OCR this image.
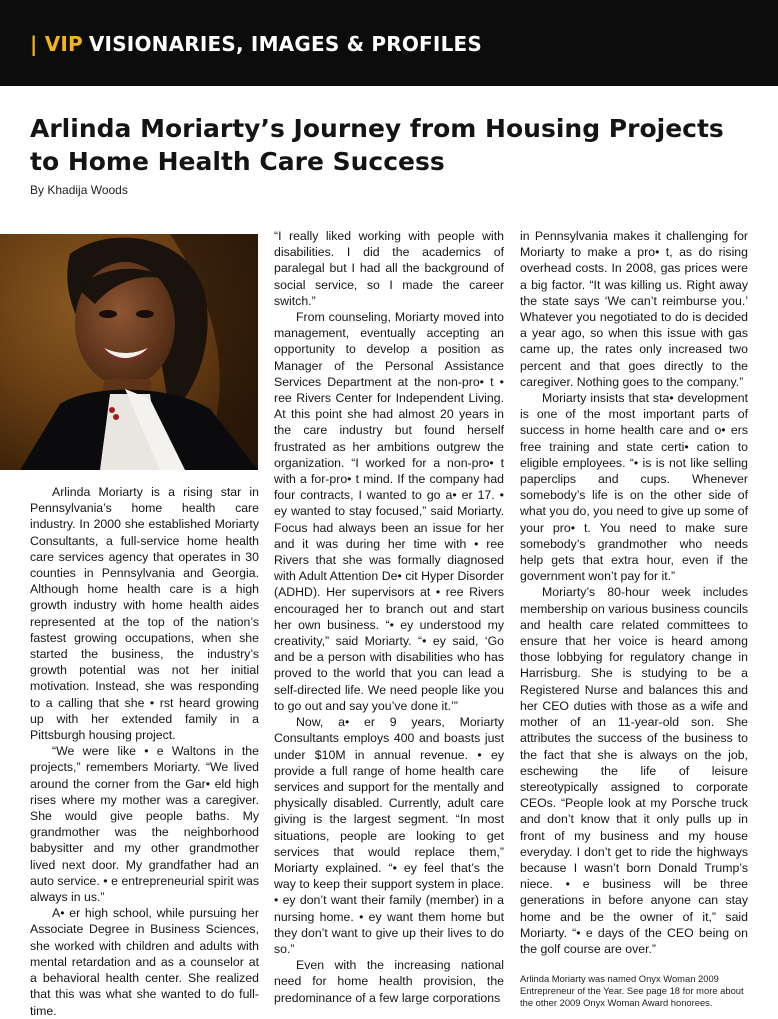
| VIP VISIONARIES, IMAGES & PROFILES
Arlinda Moriarty’s Journey from Housing Projects to Home Health Care Success
By Khadija Woods

Arlinda Moriarty is a rising star in Pennsylvania’s home health care industry. In 2000 she established Moriarty Consultants, a full-service home health care services agency that operates in 30 counties in Pennsylvania and Georgia. Although home health care is a high growth industry with home health aides represented at the top of the nation’s fastest growing occupations, when she started the business, the industry’s growth potential was not her initial motivation. Instead, she was responding to a calling that she • rst heard growing up with her extended family in a Pittsburgh housing project.

“We were like • e Waltons in the projects,” remembers Moriarty. “We lived around the corner from the Gar• eld high rises where my mother was a caregiver. She would give people baths. My grandmother was the neighborhood babysitter and my other grandmother lived next door. My grandfather had an auto service. • e entrepreneurial spirit was always in us.”

A• er high school, while pursuing her Associate Degree in Business Sciences, she worked with children and adults with mental retardation and as a counselor at a behavioral health center. She realized that this was what she wanted to do full-time.

“I really liked working with people with disabilities. I did the academics of paralegal but I had all the background of social service, so I made the career switch.”

From counseling, Moriarty moved into management, eventually accepting an opportunity to develop a position as Manager of the Personal Assistance Services Department at the non-pro• t • ree Rivers Center for Independent Living. At this point she had almost 20 years in the care industry but found herself frustrated as her ambitions outgrew the organization. “I worked for a non-pro• t with a for-pro• t mind. If the company had four contracts, I wanted to go a• er 17. • ey wanted to stay focused,” said Moriarty. Focus had always been an issue for her and it was during her time with • ree Rivers that she was formally diagnosed with Adult Attention De• cit Hyper Disorder (ADHD). Her supervisors at • ree Rivers encouraged her to branch out and start her own business. “• ey understood my creativity,” said Moriarty. “• ey said, ‘Go and be a person with disabilities who has proved to the world that you can lead a self-directed life. We need people like you to go out and say you’ve done it.’”

Now, a• er 9 years, Moriarty Consultants employs 400 and boasts just under $10M in annual revenue. • ey provide a full range of home health care services and support for the mentally and physically disabled. Currently, adult care giving is the largest segment. “In most situations, people are looking to get services that would replace them,” Moriarty explained. “• ey feel that’s the way to keep their support system in place. • ey don’t want their family (member) in a nursing home. • ey want them home but they don’t want to give up their lives to do so.”

Even with the increasing national need for home health provision, the predominance of a few large corporations

in Pennsylvania makes it challenging for Moriarty to make a pro• t, as do rising overhead costs. In 2008, gas prices were a big factor. “It was killing us. Right away the state says ‘We can’t reimburse you.’ Whatever you negotiated to do is decided a year ago, so when this issue with gas came up, the rates only increased two percent and that goes directly to the caregiver. Nothing goes to the company.”

Moriarty insists that sta• development is one of the most important parts of success in home health care and o• ers free training and state certi• cation to eligible employees. “• is is not like selling paperclips and cups. Whenever somebody’s life is on the other side of what you do, you need to give up some of your pro• t. You need to make sure somebody’s grandmother who needs help gets that extra hour, even if the government won’t pay for it.”

Moriarty’s 80-hour week includes membership on various business councils and health care related committees to ensure that her voice is heard among those lobbying for regulatory change in Harrisburg. She is studying to be a Registered Nurse and balances this and her CEO duties with those as a wife and mother of an 11-year-old son. She attributes the success of the business to the fact that she is always on the job, eschewing the life of leisure stereotypically assigned to corporate CEOs. “People look at my Porsche truck and don’t know that it only pulls up in front of my business and my house everyday. I don’t get to ride the highways because I wasn’t born Donald Trump’s niece. • e business will be three generations in before anyone can stay home and be the owner of it,” said Moriarty. “• e days of the CEO being on the golf course are over.”

Arlinda Moriarty was named Onyx Woman 2009 Entrepreneur of the Year. See page 18 for more about the other 2009 Onyx Woman Award honorees.
